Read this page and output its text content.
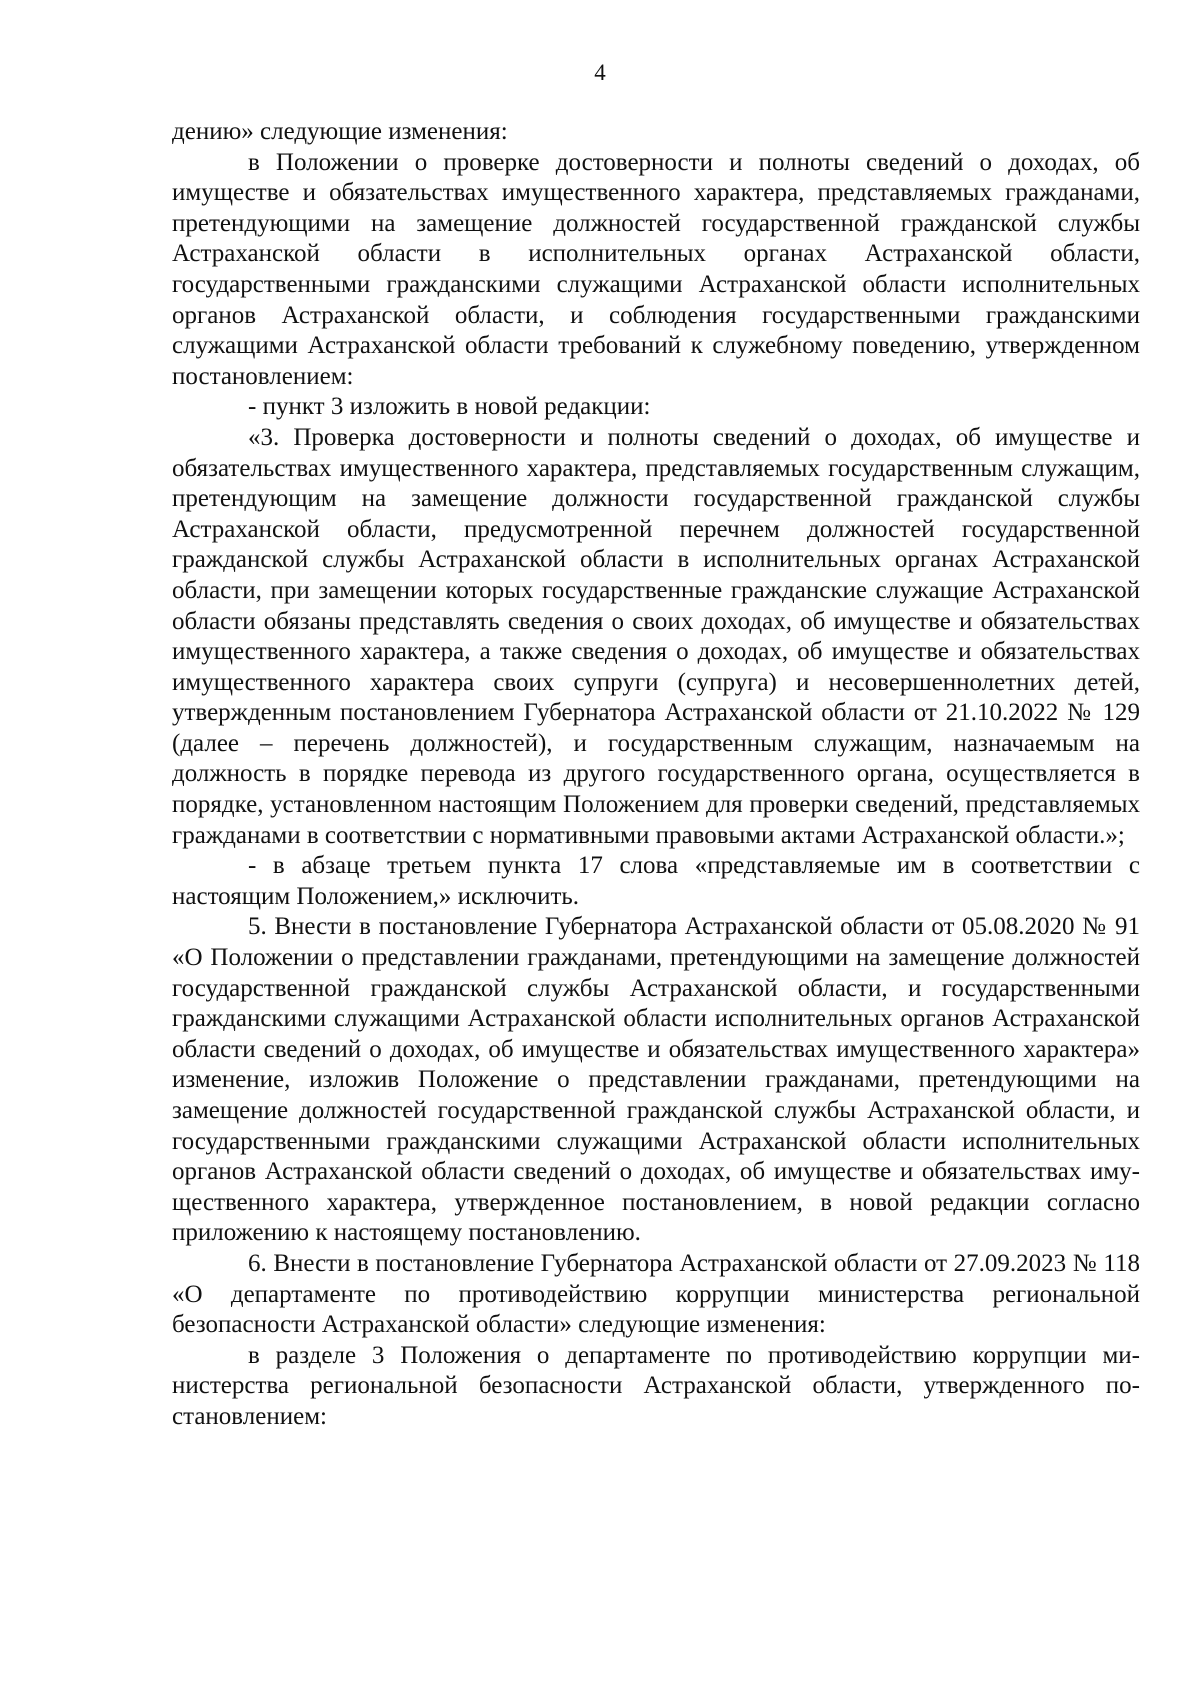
4

дению» следующие изменения:

в Положении о проверке достоверности и полноты сведений о доходах, об имуществе и обязательствах имущественного характера, представляемых гражданами, претендующими на замещение должностей государственной гражданской службы Астраханской области в исполнительных органах Астраханской области, государственными гражданскими служащими Астраханской области исполнительных органов Астраханской области, и соблюдения государственными гражданскими служащими Астраханской области требований к служебному поведению, утвержденном постановлением:

- пункт 3 изложить в новой редакции:

«3. Проверка достоверности и полноты сведений о доходах, об имуществе и обязательствах имущественного характера, представляемых государственным служащим, претендующим на замещение должности государственной гражданской службы Астраханской области, предусмотренной перечнем должностей государственной гражданской службы Астраханской области в исполнительных органах Астраханской области, при замещении которых государственные гражданские служащие Астраханской области обязаны представлять сведения о своих доходах, об имуществе и обязательствах имущественного характера, а также сведения о доходах, об имуществе и обязательствах имущественного характера своих супруги (супруга) и несовершеннолетних детей, утвержденным постановлением Губернатора Астраханской области от 21.10.2022 № 129 (далее – перечень должностей), и государственным служащим, назначаемым на должность в порядке перевода из другого государственного органа, осуществляется в порядке, установленном настоящим Положением для проверки сведений, представляемых гражданами в соответствии с нормативными правовыми актами Астраханской области.»;

- в абзаце третьем пункта 17 слова «представляемые им в соответствии с настоящим Положением,» исключить.

5. Внести в постановление Губернатора Астраханской области от 05.08.2020 № 91 «О Положении о представлении гражданами, претендующими на замещение должностей государственной гражданской службы Астраханской области, и государственными гражданскими служащими Астраханской области исполнительных органов Астраханской области сведений о доходах, об имуществе и обязательствах имущественного характера» изменение, изложив Положение о представлении гражданами, претендующими на замещение должностей государственной гражданской службы Астраханской области, и государственными гражданскими служащими Астраханской области исполнительных органов Астраханской области сведений о доходах, об имуществе и обязательствах имущественного характера, утвержденное постановлением, в новой редакции согласно приложению к настоящему постановлению.

6. Внести в постановление Губернатора Астраханской области от 27.09.2023 № 118 «О департаменте по противодействию коррупции министерства региональной безопасности Астраханской области» следующие изменения:

в разделе 3 Положения о департаменте по противодействию коррупции министерства региональной безопасности Астраханской области, утвержденного постановлением:
